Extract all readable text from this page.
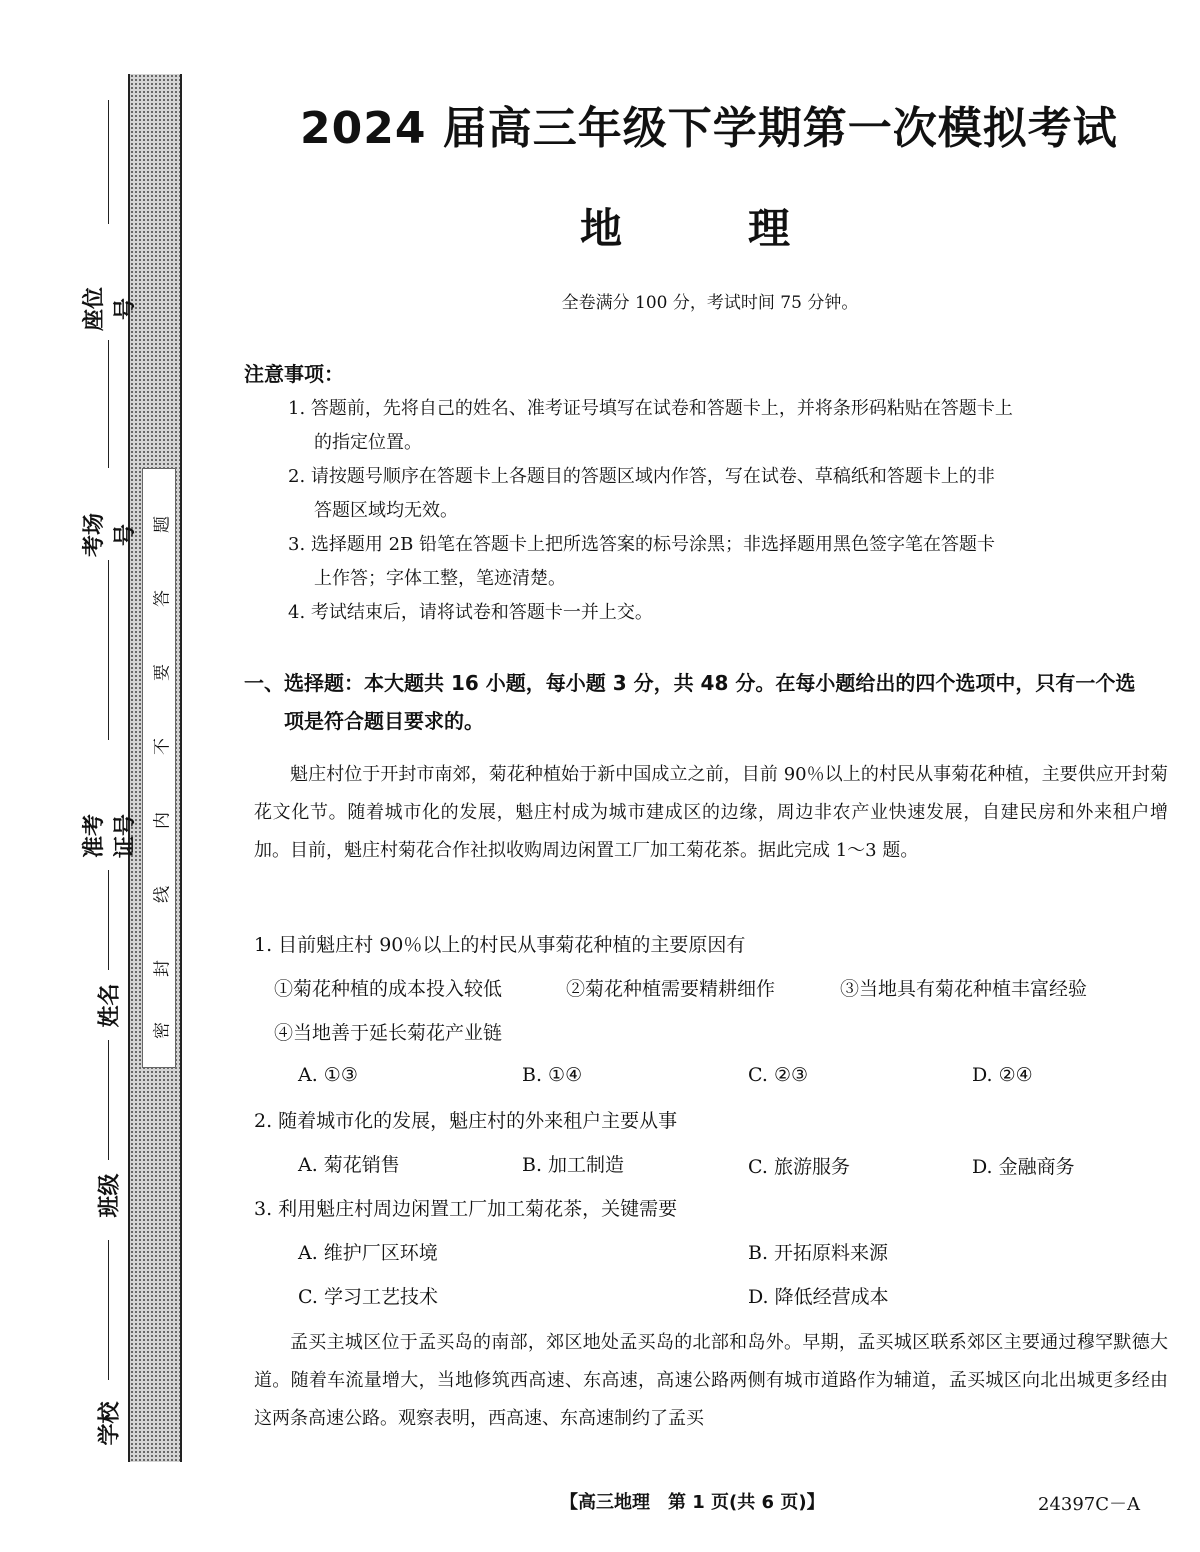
题
答
要
不
内
线
封
密
座位号
考场号
准考证号
姓名
班级
学校
2024 届高三年级下学期第一次模拟考试
地　　　	理
全卷满分 100 分，考试时间 75 分钟。
注意事项：
1. 答题前，先将自己的姓名、准考证号填写在试卷和答题卡上，并将条形码粘贴在答题卡上
的指定位置。
2. 请按题号顺序在答题卡上各题目的答题区域内作答，写在试卷、草稿纸和答题卡上的非
答题区域均无效。
3. 选择题用 2B 铅笔在答题卡上把所选答案的标号涂黑；非选择题用黑色签字笔在答题卡
上作答；字体工整，笔迹清楚。
4. 考试结束后，请将试卷和答题卡一并上交。
一、选择题：本大题共 16 小题，每小题 3 分，共 48 分。在每小题给出的四个选项中，只有一个选
项是符合题目要求的。
魁庄村位于开封市南郊，菊花种植始于新中国成立之前，目前 90％以上的村民从事菊花种植，主要供应开封菊花文化节。随着城市化的发展，魁庄村成为城市建成区的边缘，周边非农产业快速发展，自建民房和外来租户增加。目前，魁庄村菊花合作社拟收购周边闲置工厂加工菊花茶。据此完成 1～3 题。
1. 目前魁庄村 90％以上的村民从事菊花种植的主要原因有
①菊花种植的成本投入较低	②菊花种植需要精耕细作	③当地具有菊花种植丰富经验
④当地善于延长菊花产业链
A. ①③	B. ①④	C. ②③	D. ②④
2. 随着城市化的发展，魁庄村的外来租户主要从事
A. 菊花销售	B. 加工制造	C. 旅游服务	D. 金融商务
3. 利用魁庄村周边闲置工厂加工菊花茶，关键需要
A. 维护厂区环境	B. 开拓原料来源
C. 学习工艺技术	D. 降低经营成本
孟买主城区位于孟买岛的南部，郊区地处孟买岛的北部和岛外。早期，孟买城区联系郊区主要通过穆罕默德大道。随着车流量增大，当地修筑西高速、东高速，高速公路两侧有城市道路作为辅道，孟买城区向北出城更多经由这两条高速公路。观察表明，西高速、东高速制约了孟买
【高三地理　第 1 页(共 6 页)】	24397C－A
